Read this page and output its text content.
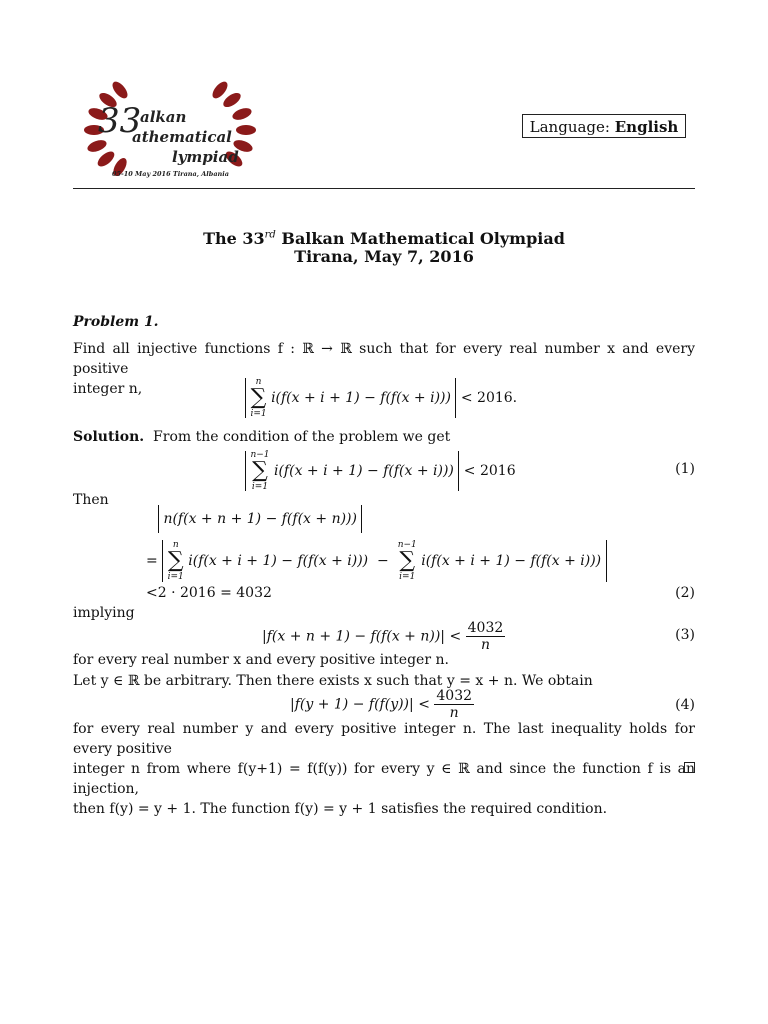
33
alkan
athematical
lympiad
05-10 May 2016 Tirana, Albania
Language: English
The 33rd Balkan Mathematical Olympiad
Tirana, May 7, 2016
Problem 1.
Find all injective functions f : ℝ → ℝ such that for every real number x and every positive
integer n,
	n
∑
i=1
i(f(x + i + 1) − f(f(x + i))) < 2016.
Solution. From the condition of the problem we get

n−1
∑
i=1
i(f(x + i + 1) − f(f(x + i))) < 2016	(1)
Then
n(f(x + n + 1) − f(f(x + n)))
=
n
∑
i=1
i(f(x + i + 1) − f(f(x + i)))  −
n−1
∑
i=1
i(f(x + i + 1) − f(f(x + i)))
<2 · 2016 = 4032	(2)
implying
$|f(x + n + 1) - f(f(x + n))| < \frac{4032}{n}$	(3)
for every real number x and every positive integer n.
Let y ∈ ℝ be arbitrary. Then there exists x such that y = x + n. We obtain
$|f(y + 1) - f(f(y))| < \frac{4032}{n}$	(4)
for every real number y and every positive integer n. The last inequality holds for every positive
integer n from where f(y+1) = f(f(y)) for every y ∈ ℝ and since the function f is an injection,
then f(y) = y + 1. The function f(y) = y + 1 satisfies the required condition.
